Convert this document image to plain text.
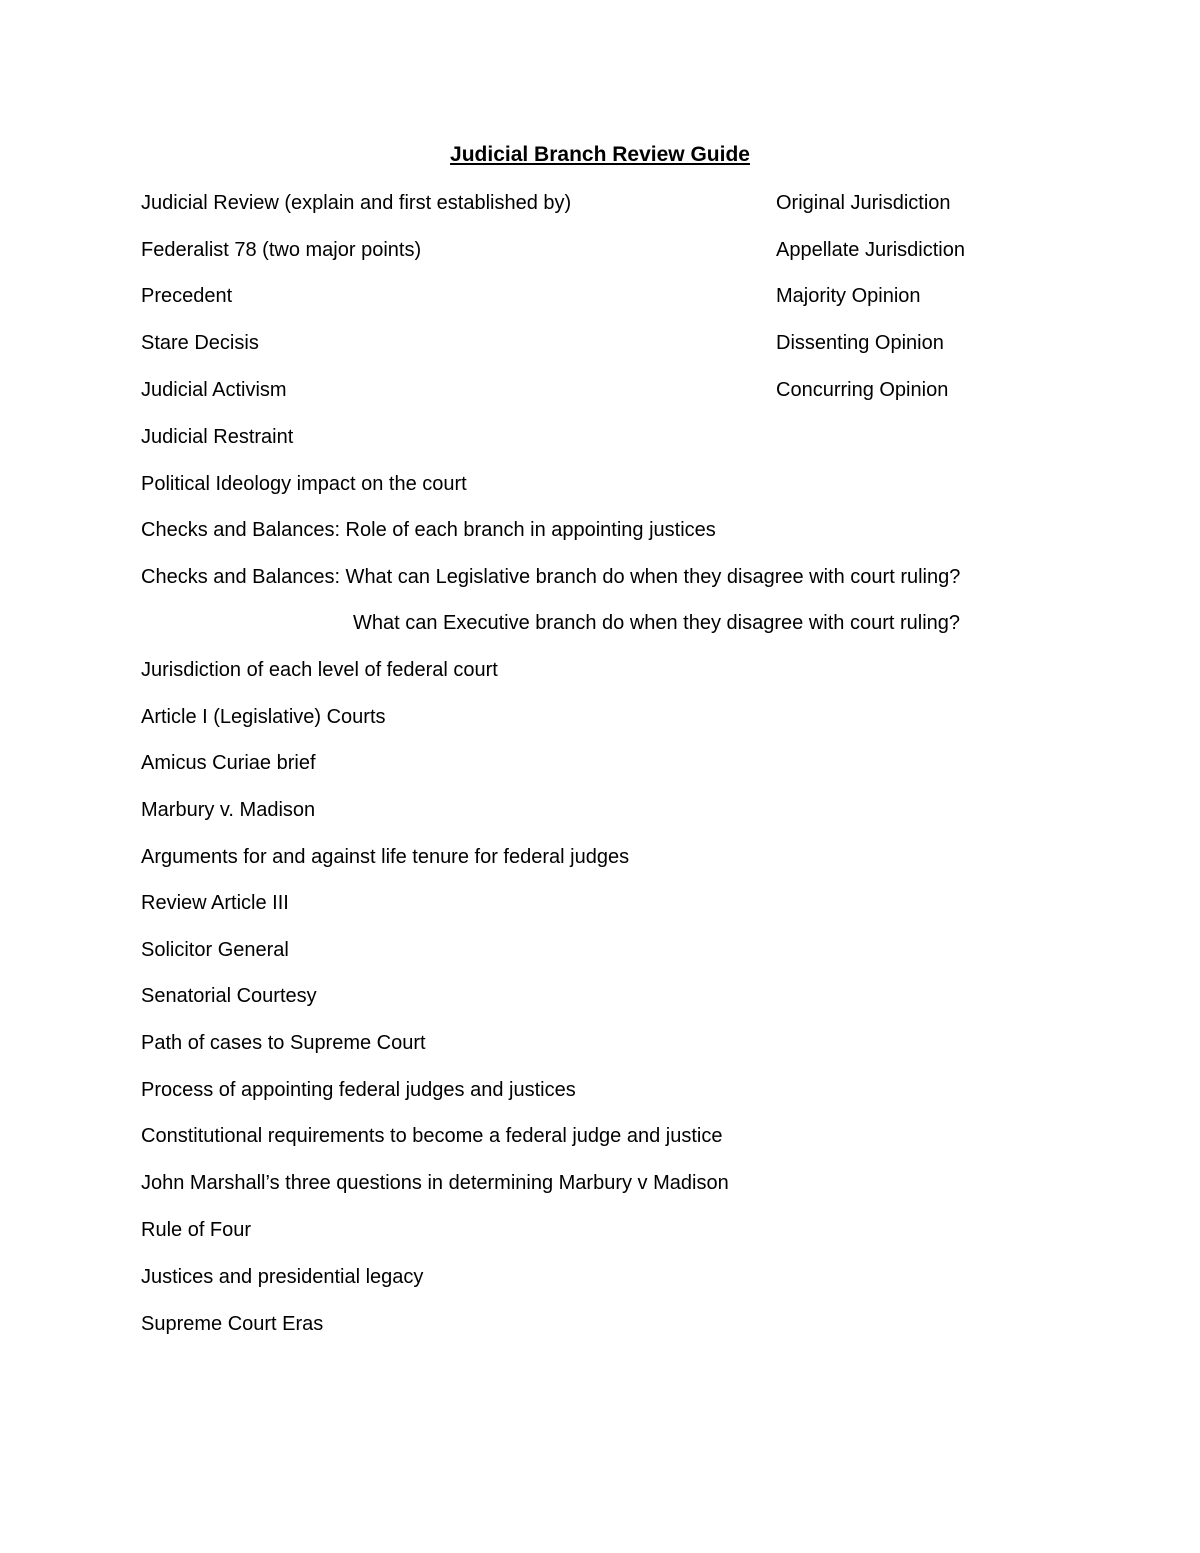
Judicial Branch Review Guide
Original Jurisdiction
Appellate Jurisdiction
Majority Opinion
Dissenting Opinion
Concurring Opinion
Judicial Review (explain and first established by)
Federalist 78 (two major points)
Precedent
Stare Decisis
Judicial Activism
Judicial Restraint
Political Ideology impact on the court
Checks and Balances: Role of each branch in appointing justices
Checks and Balances: What can Legislative branch do when they disagree with court ruling?
What can Executive branch do when they disagree with court ruling?
Jurisdiction of each level of federal court
Article I (Legislative) Courts
Amicus Curiae brief
Marbury v. Madison
Arguments for and against life tenure for federal judges
Review Article III
Solicitor General
Senatorial Courtesy
Path of cases to Supreme Court
Process of appointing federal judges and justices
Constitutional requirements to become a federal judge and justice
John Marshall’s three questions in determining Marbury v Madison
Rule of Four
Justices and presidential legacy
Supreme Court Eras
